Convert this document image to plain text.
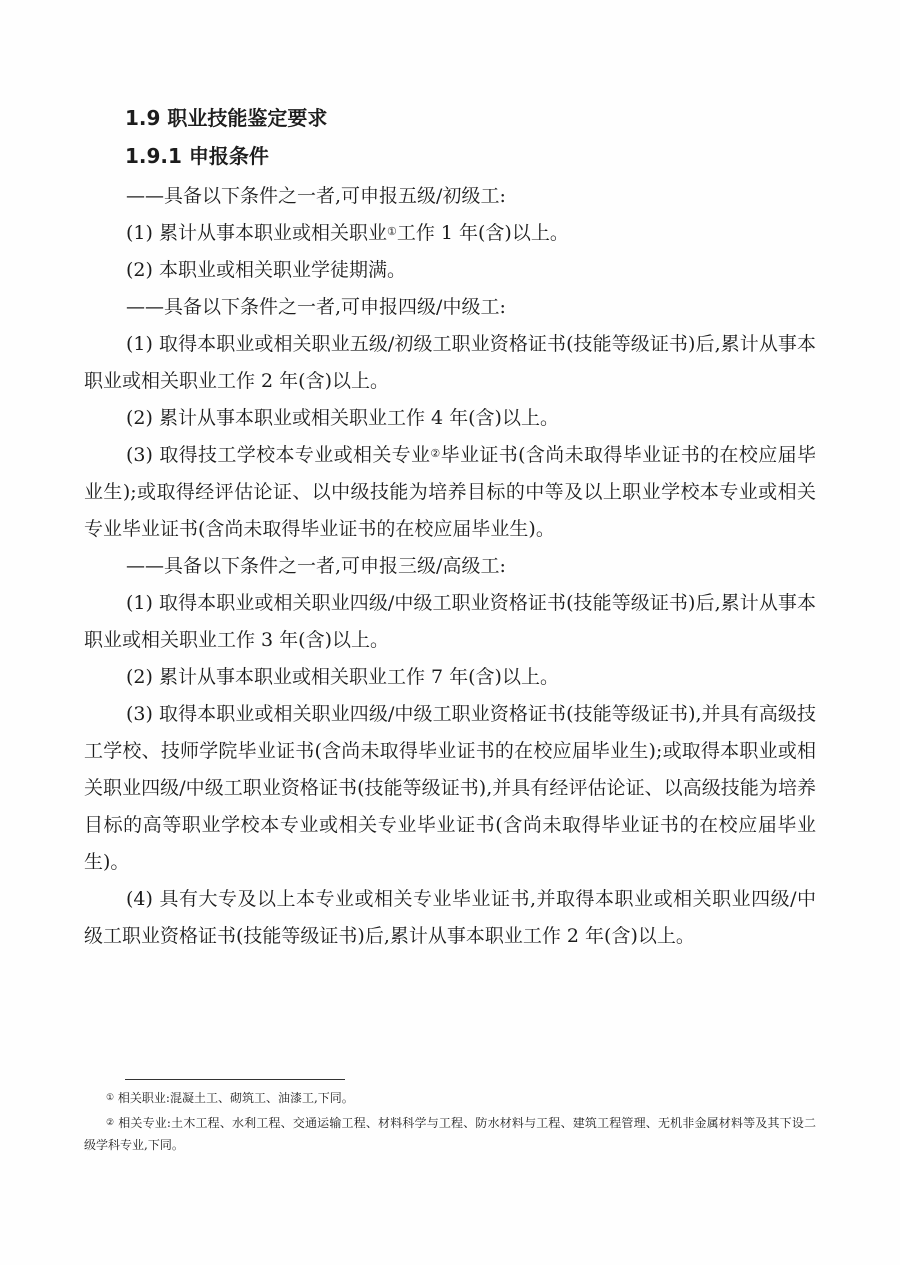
1.9 职业技能鉴定要求
1.9.1 申报条件

——具备以下条件之一者,可申报五级/初级工:

(1) 累计从事本职业或相关职业①工作 1 年(含)以上。

(2) 本职业或相关职业学徒期满。

——具备以下条件之一者,可申报四级/中级工:

(1) 取得本职业或相关职业五级/初级工职业资格证书(技能等级证书)后,累计从事本职业或相关职业工作 2 年(含)以上。

(2) 累计从事本职业或相关职业工作 4 年(含)以上。

(3) 取得技工学校本专业或相关专业②毕业证书(含尚未取得毕业证书的在校应届毕业生);或取得经评估论证、以中级技能为培养目标的中等及以上职业学校本专业或相关专业毕业证书(含尚未取得毕业证书的在校应届毕业生)。

——具备以下条件之一者,可申报三级/高级工:

(1) 取得本职业或相关职业四级/中级工职业资格证书(技能等级证书)后,累计从事本职业或相关职业工作 3 年(含)以上。

(2) 累计从事本职业或相关职业工作 7 年(含)以上。

(3) 取得本职业或相关职业四级/中级工职业资格证书(技能等级证书),并具有高级技工学校、技师学院毕业证书(含尚未取得毕业证书的在校应届毕业生);或取得本职业或相关职业四级/中级工职业资格证书(技能等级证书),并具有经评估论证、以高级技能为培养目标的高等职业学校本专业或相关专业毕业证书(含尚未取得毕业证书的在校应届毕业生)。

(4) 具有大专及以上本专业或相关专业毕业证书,并取得本职业或相关职业四级/中级工职业资格证书(技能等级证书)后,累计从事本职业工作 2 年(含)以上。

① 相关职业:混凝土工、砌筑工、油漆工,下同。
② 相关专业:土木工程、水利工程、交通运输工程、材料科学与工程、防水材料与工程、建筑工程管理、无机非金属材料等及其下设二级学科专业,下同。
